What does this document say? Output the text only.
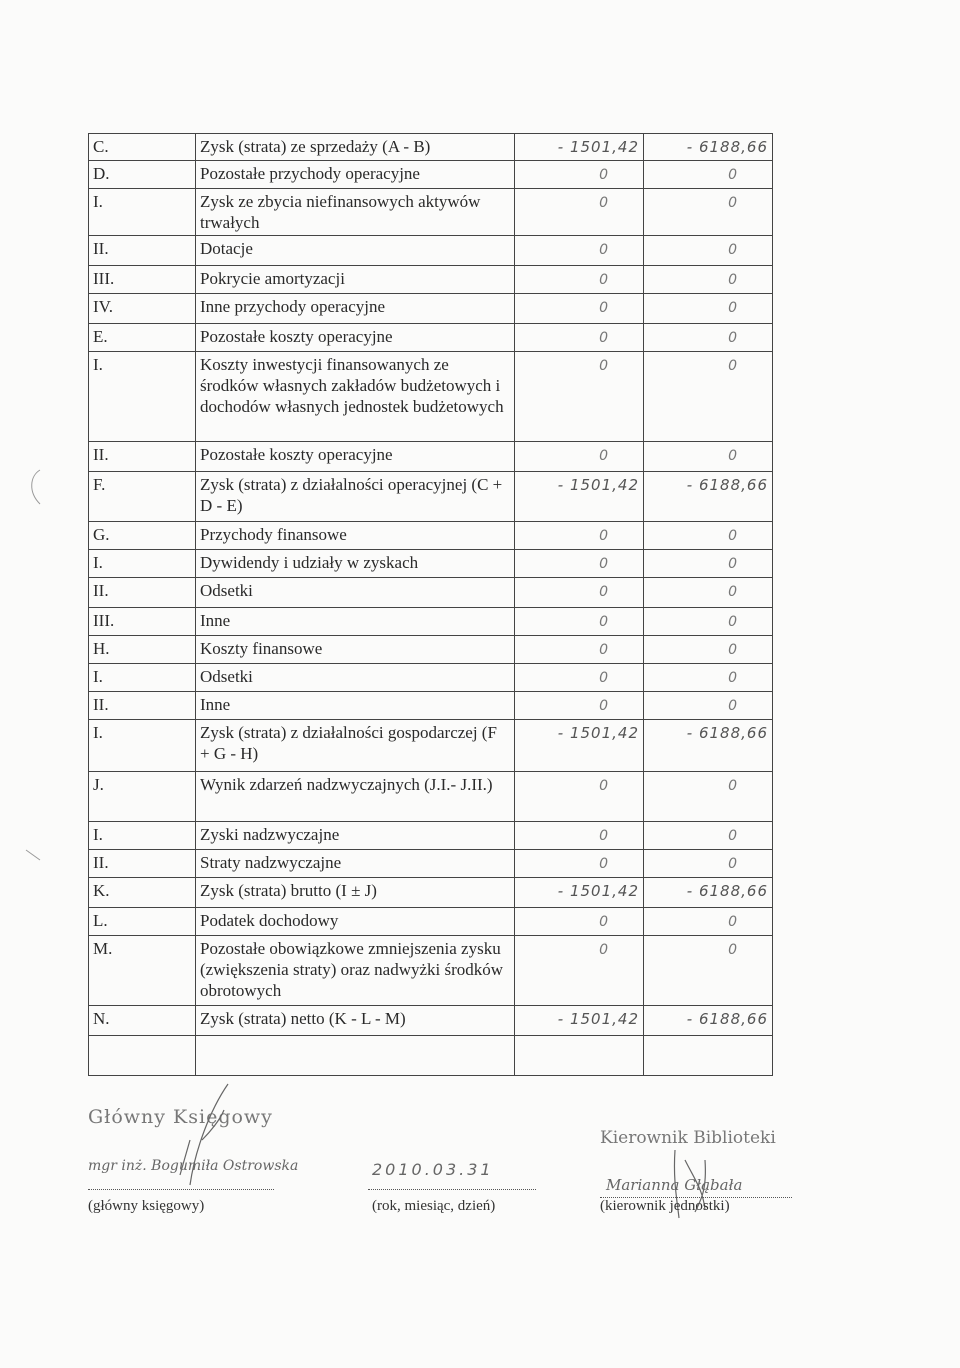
C.	Zysk (strata) ze sprzedaży (A - B)	- 1501,42	- 6188,66
D.	Pozostałe przychody operacyjne	0	0
I.	Zysk ze zbycia niefinansowych aktywów trwałych	0	0
II.	Dotacje	0	0
III.	Pokrycie amortyzacji	0	0
IV.	Inne przychody operacyjne	0	0
E.	Pozostałe koszty operacyjne	0	0
I.	Koszty inwestycji finansowanych ze środków własnych zakładów budżetowych i dochodów własnych jednostek budżetowych	0	0
II.	Pozostałe koszty operacyjne	0	0
F.	Zysk (strata) z działalności operacyjnej (C + D - E)	- 1501,42	- 6188,66
G.	Przychody finansowe	0	0
I.	Dywidendy i udziały w zyskach	0	0
II.	Odsetki	0	0
III.	Inne	0	0
H.	Koszty finansowe	0	0
I.	Odsetki	0	0
II.	Inne	0	0
I.	Zysk (strata) z działalności gospodarczej (F + G - H)	- 1501,42	- 6188,66
J.	Wynik zdarzeń nadzwyczajnych (J.I.- J.II.)	0	0
I.	Zyski nadzwyczajne	0	0
II.	Straty nadzwyczajne	0	0
K.	Zysk (strata) brutto (I ± J)	- 1501,42	- 6188,66
L.	Podatek dochodowy	0	0
M.	Pozostałe obowiązkowe zmniejszenia zysku (zwiększenia straty) oraz nadwyżki środków obrotowych	0	0
N.	Zysk (strata) netto (K - L - M)	- 1501,42	- 6188,66

Główny Księgowy
mgr inż. Bogumiła Ostrowska
(główny księgowy)
2010.03.31
(rok, miesiąc, dzień)
Kierownik Biblioteki
Marianna Głąbała
(kierownik jednostki)
